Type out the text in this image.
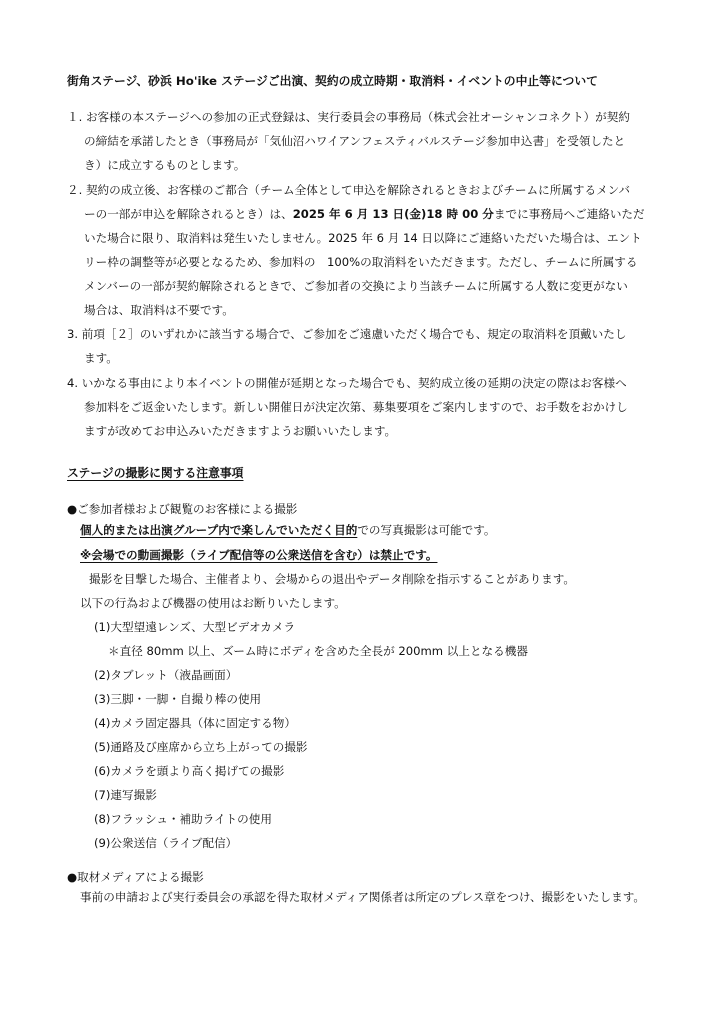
街角ステージ、砂浜 Ho'ike ステージご出演、契約の成立時期・取消料・イベントの中止等について
１. お客様の本ステージへの参加の正式登録は、実行委員会の事務局（株式会社オーシャンコネクト）が契約
の締結を承諾したとき（事務局が「気仙沼ハワイアンフェスティバルステージ参加申込書」を受領したと
き）に成立するものとします。
２. 契約の成立後、お客様のご都合（チーム全体として申込を解除されるときおよびチームに所属するメンバ
ーの一部が申込を解除されるとき）は、2025 年 6 月 13 日(金)18 時 00 分までに事務局へご連絡いただ
いた場合に限り、取消料は発生いたしません。2025 年 6 月 14 日以降にご連絡いただいた場合は、エント
リー枠の調整等が必要となるため、参加料の　100%の取消料をいただきます。ただし、チームに所属する
メンバーの一部が契約解除されるときで、ご参加者の交換により当該チームに所属する人数に変更がない
場合は、取消料は不要です。
3. 前項［２］のいずれかに該当する場合で、ご参加をご遠慮いただく場合でも、規定の取消料を頂戴いたし
ます。
4. いかなる事由により本イベントの開催が延期となった場合でも、契約成立後の延期の決定の際はお客様へ
参加料をご返金いたします。新しい開催日が決定次第、募集要項をご案内しますので、お手数をおかけし
ますが改めてお申込みいただきますようお願いいたします。
ステージの撮影に関する注意事項
●ご参加者様および観覧のお客様による撮影
個人的または出演グループ内で楽しんでいただく目的での写真撮影は可能です。
※会場での動画撮影（ライブ配信等の公衆送信を含む）は禁止です。
撮影を目撃した場合、主催者より、会場からの退出やデータ削除を指示することがあります。
以下の行為および機器の使用はお断りいたします。
(1)大型望遠レンズ、大型ビデオカメラ
＊直径 80mm 以上、ズーム時にボディを含めた全長が 200mm 以上となる機器
(2)タブレット（液晶画面）
(3)三脚・一脚・自撮り棒の使用
(4)カメラ固定器具（体に固定する物）
(5)通路及び座席から立ち上がっての撮影
(6)カメラを頭より高く掲げての撮影
(7)連写撮影
(8)フラッシュ・補助ライトの使用
(9)公衆送信（ライブ配信）
●取材メディアによる撮影
事前の申請および実行委員会の承認を得た取材メディア関係者は所定のプレス章をつけ、撮影をいたします。
